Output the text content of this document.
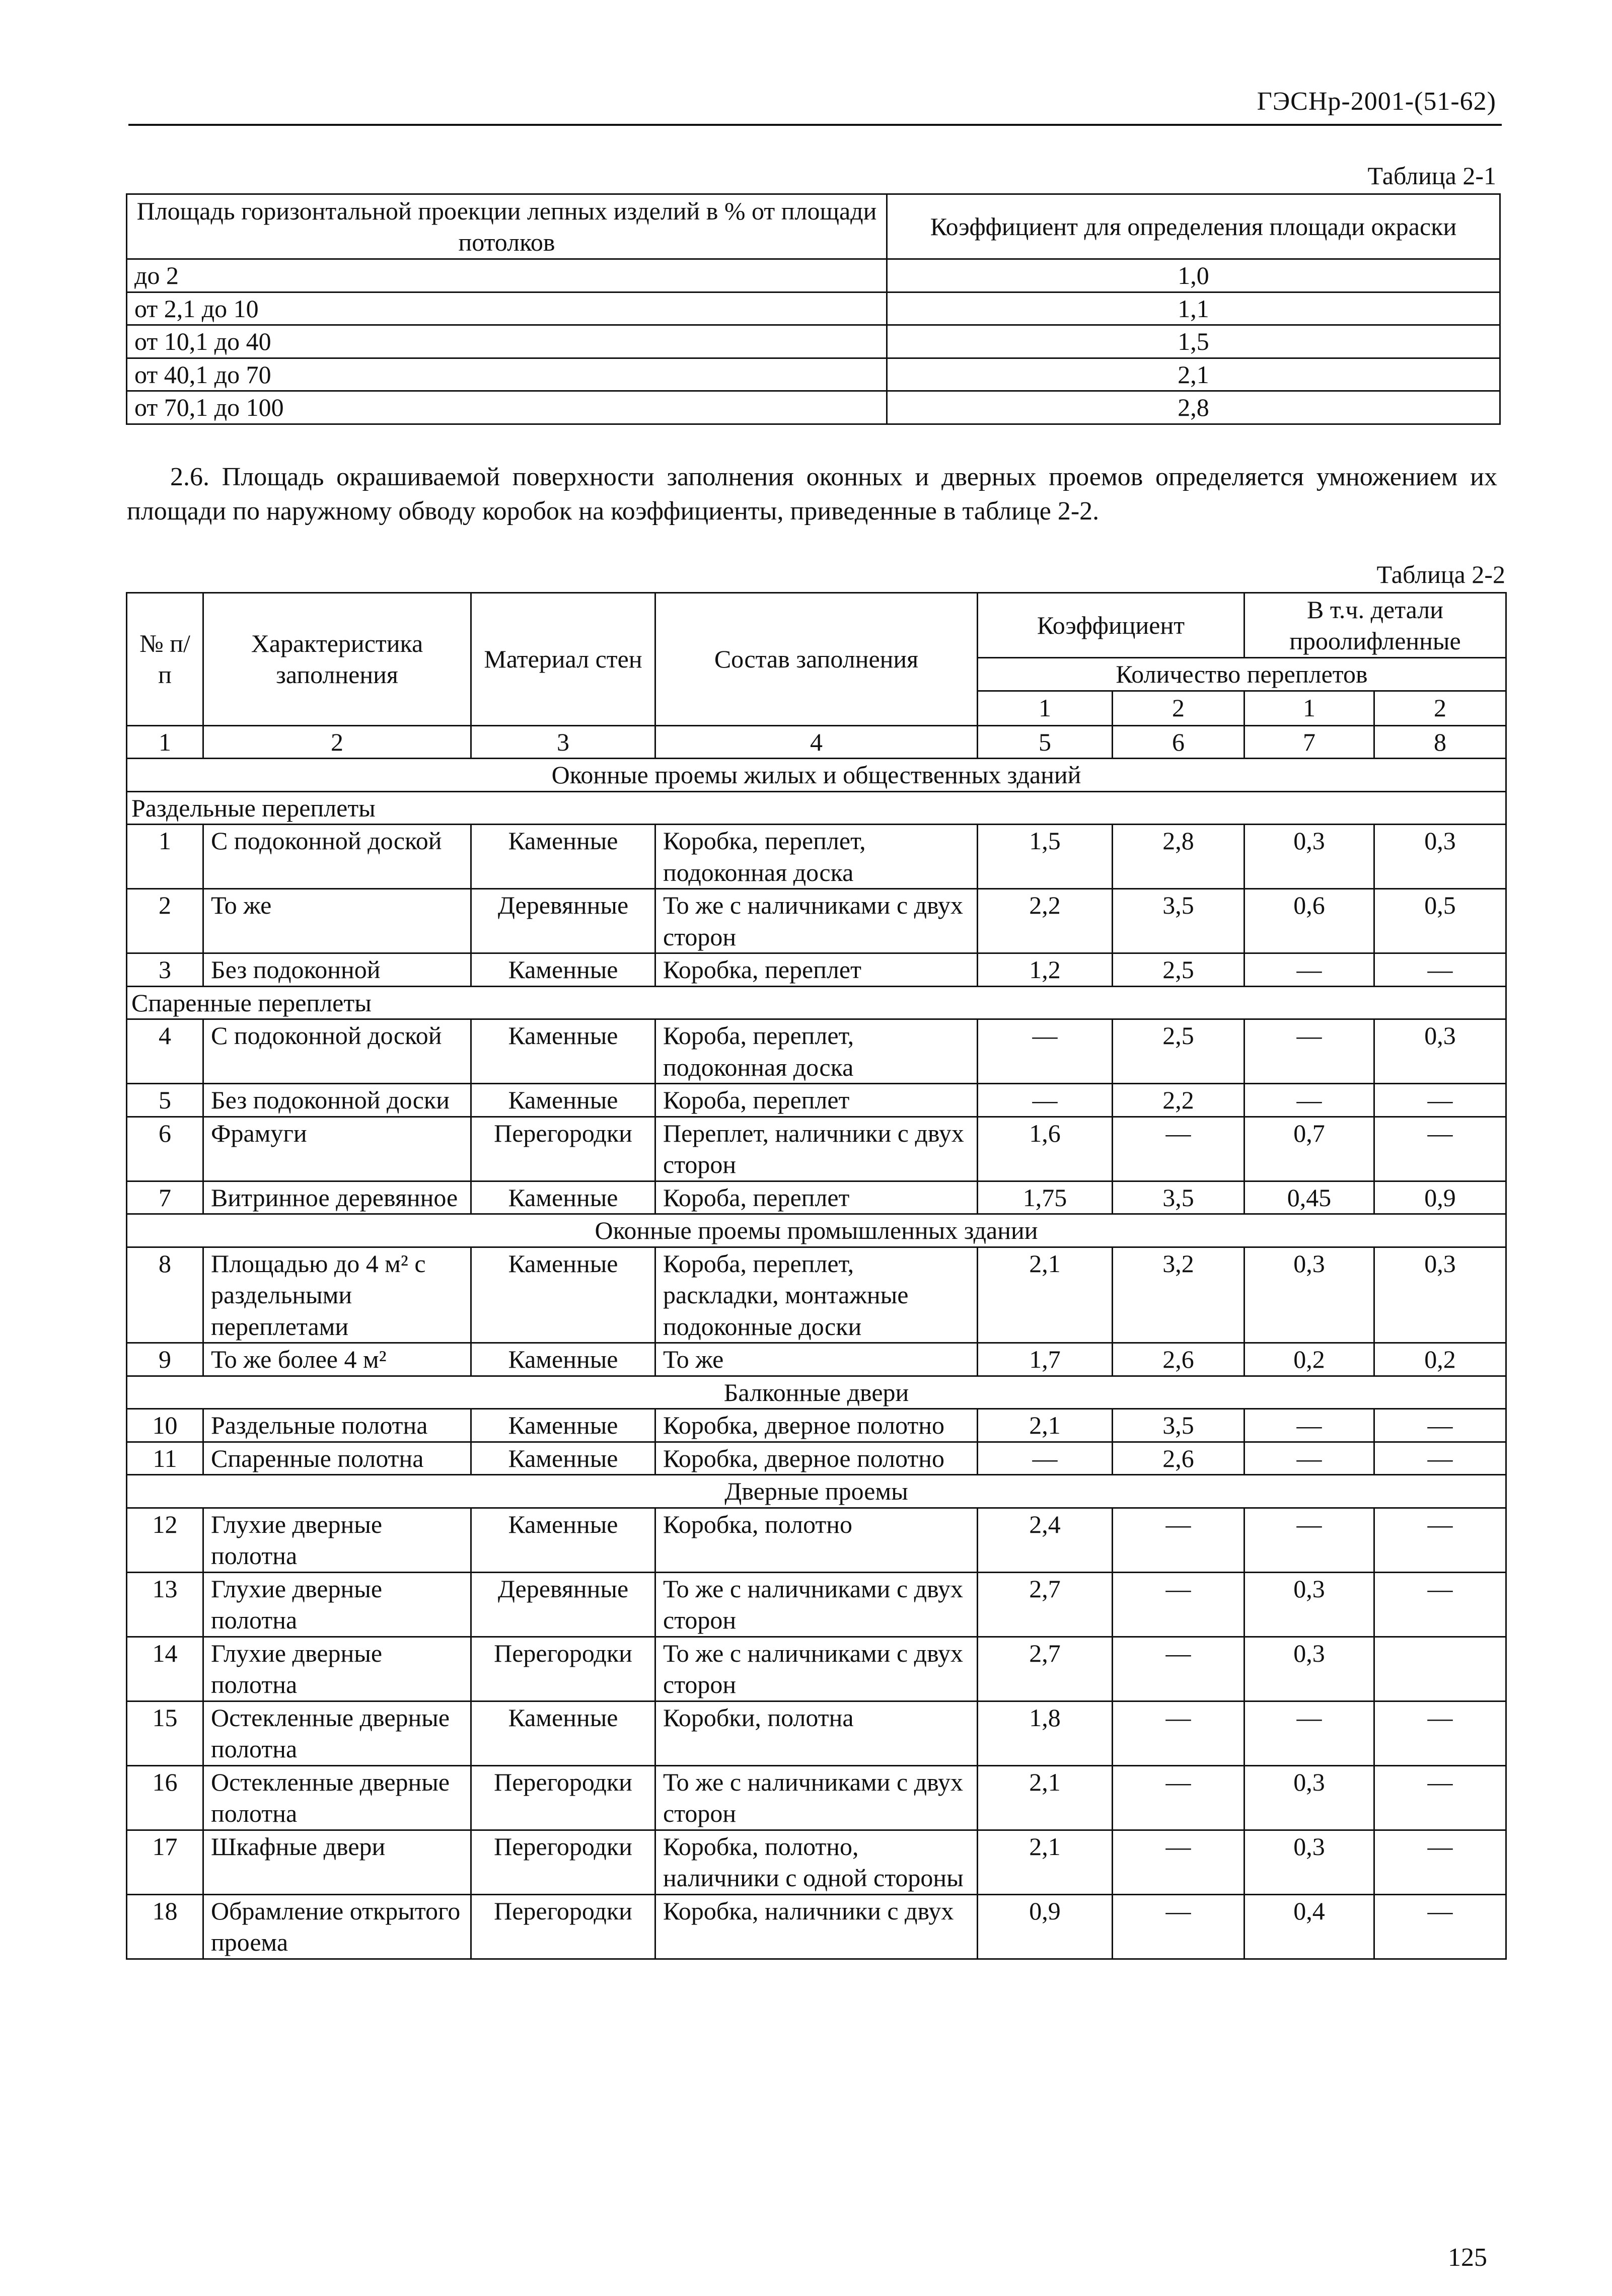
ГЭСНр-2001-(51-62)
Таблица 2-1
Площадь горизонтальной проекции лепных изделий в % от площади потолков	Коэффициент для определения площади окраски
до 2	1,0
от 2,1 до 10	1,1
от 10,1 до 40	1,5
от 40,1 до 70	2,1
от 70,1 до 100	2,8
2.6. Площадь окрашиваемой поверхности заполнения оконных и дверных проемов определяется умножением их площади по наружному обводу коробок на коэффициенты, приведенные в таблице 2-2.
Таблица 2-2
№ п/п	Характеристика заполнения	Материал стен	Состав заполнения	Коэффициент		В т.ч. детали проолифленные	
				Количество переплетов			
				1	2	1	2
1	2	3	4	5	6	7	8
Оконные проемы жилых и общественных зданий							
Раздельные переплеты							
1	С подоконной доской	Каменные	Коробка, переплет, подоконная доска	1,5	2,8	0,3	0,3
2	То же	Деревянные	То же с наличниками с двух сторон	2,2	3,5	0,6	0,5
3	Без подоконной	Каменные	Коробка, переплет	1,2	2,5	—	—
Спаренные переплеты							
4	С подоконной доской	Каменные	Короба, переплет, подоконная доска	—	2,5	—	0,3
5	Без подоконной доски	Каменные	Короба, переплет	—	2,2	—	—
6	Фрамуги	Перегородки	Переплет, наличники с двух сторон	1,6	—	0,7	—
7	Витринное деревянное	Каменные	Короба, переплет	1,75	3,5	0,45	0,9
Оконные проемы промышленных здании							
8	Площадью до 4 м² с раздельными переплетами	Каменные	Короба, переплет, раскладки, монтажные подоконные доски	2,1	3,2	0,3	0,3
9	То же более 4 м²	Каменные	То же	1,7	2,6	0,2	0,2
Балконные двери							
10	Раздельные полотна	Каменные	Коробка, дверное полотно	2,1	3,5	—	—
11	Спаренные полотна	Каменные	Коробка, дверное полотно	—	2,6	—	—
Дверные проемы							
12	Глухие дверные полотна	Каменные	Коробка, полотно	2,4	—	—	—
13	Глухие дверные полотна	Деревянные	То же с наличниками с двух сторон	2,7	—	0,3	—
14	Глухие дверные полотна	Перегородки	То же с наличниками с двух сторон	2,7	—	0,3	
15	Остекленные дверные полотна	Каменные	Коробки, полотна	1,8	—	—	—
16	Остекленные дверные полотна	Перегородки	То же с наличниками с двух сторон	2,1	—	0,3	—
17	Шкафные двери	Перегородки	Коробка, полотно, наличники с одной стороны	2,1	—	0,3	—
18	Обрамление открытого проема	Перегородки	Коробка, наличники с двух	0,9	—	0,4	—
125
